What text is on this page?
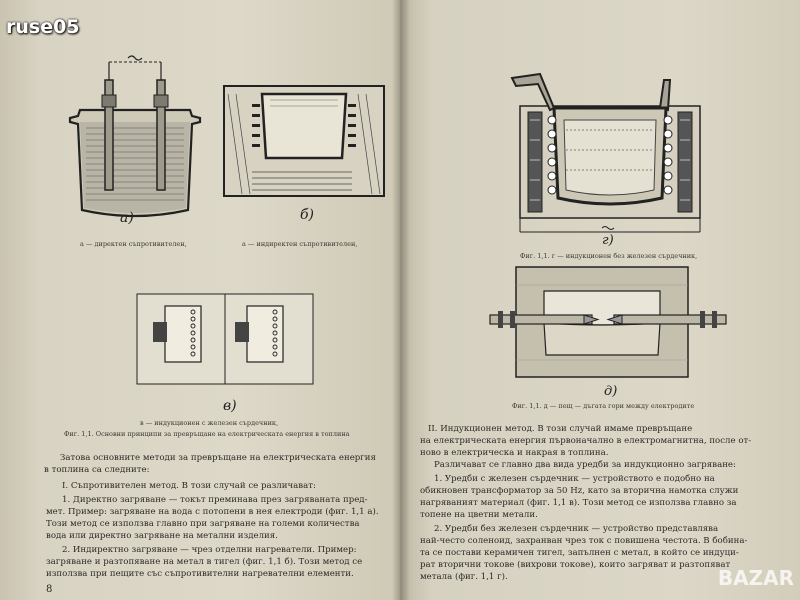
а)	б)
а — директен съпротивителен,	а — индиректен съпротивителен,
в)
в — индукционен с железен сърдечник,
Фиг. 1,1. Основни принципи за превръщане на електрическата енергия в топлина
Затова основните методи за превръщане на електрическата енергия
в топлина са следните:
I. Съпротивителен метод. В този случай се различават:
1. Директно загряване — токът преминава през загряваната пред-
мет. Пример: загряване на вода с потопени в нея електроди (фиг. 1,1 а).
Този метод се използва главно при загряване на големи количества
вода или директно загряване на метални изделия.
2. Индиректно загряване — чрез отделни нагреватели. Пример:
загряване и разтопяване на метал в тигел (фиг. 1,1 б). Този метод се
използва при пещите със съпротивителни нагревателни елементи.
8
г)
Фиг. 1,1. г — индукционен без железен сърдечник,
д)
Фиг. 1,1. д — пещ — дъгата гори между електродите
II. Индукционен метод. В този случай имаме превръщане
на електрическата енергия първоначално в електромагнитна, после от-
ново в електрическа и накрая в топлина.
Различават се главно два вида уредби за индукционно загряване:
1. Уредби с железен сърдечник — устройството е подобно на
обикновен трансформатор за 50 Hz, като за вторична намотка служи
нагряваният материал (фиг. 1,1 в). Този метод се използва главно за
топене на цветни метали.
2. Уредби без железен сърдечник — устройство представлява
най-често соленоид, захранван чрез ток с повишена честота. В бобина-
та се постави керамичен тигел, запълнен с метал, в който се индуци-
рат вторични токове (вихрови токове), които загряват и разтопяват
метала (фиг. 1,1 г).	BAZAR
ruse05
